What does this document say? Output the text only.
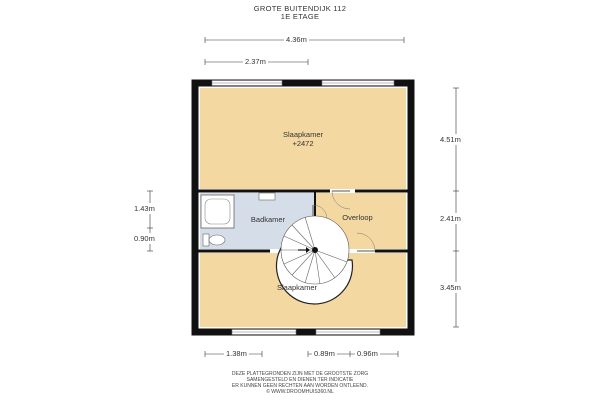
GROTE BUITENDIJK 112
1E ETAGE
4.36m
2.37m
4.51m
2.41m
3.45m
1.43m
0.90m
1.38m	0.89m	0.96m
Slaapkamer
+2472
Badkamer	Overloop
Slaapkamer
DEZE PLATTEGRONDEN ZIJN MET DE GROOTSTE ZORG
SAMENGESTELD EN DIENEN TER INDICATIE
ER KUNNEN GEEN RECHTEN AAN WORDEN ONTLEEND.
© WWW.DROOMHUIS360.NL
